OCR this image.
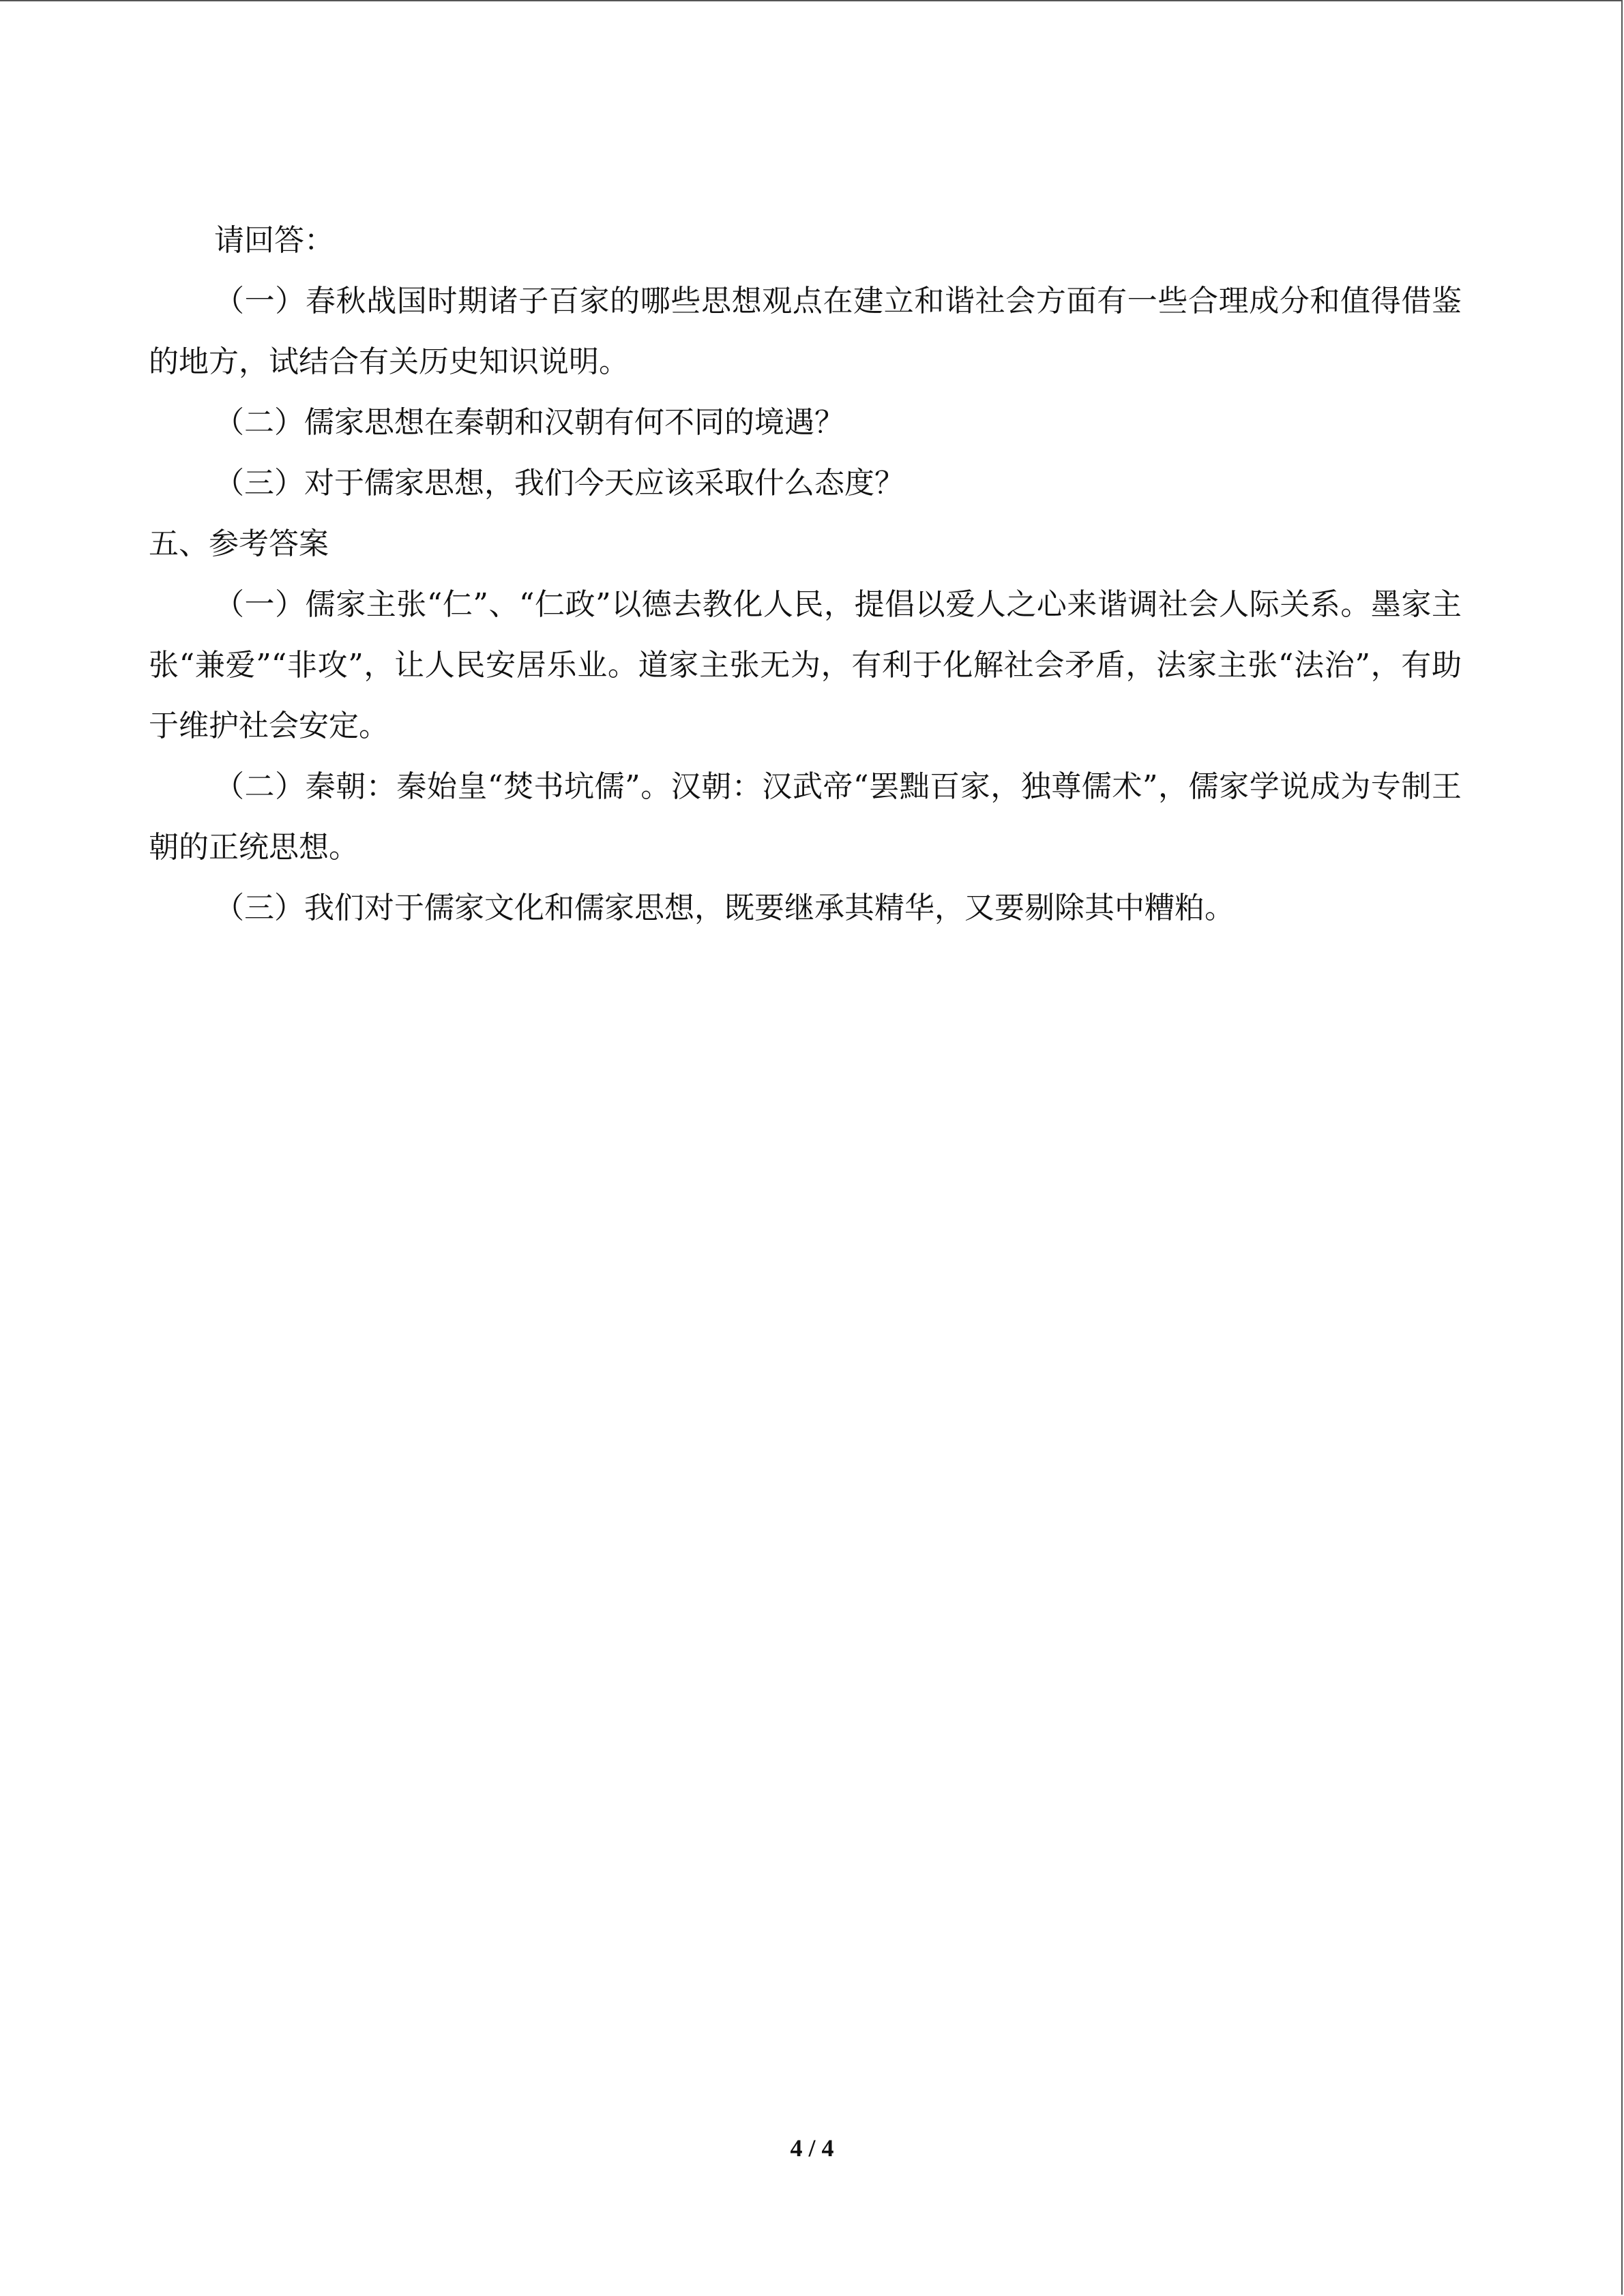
请回答：

（一）春秋战国时期诸子百家的哪些思想观点在建立和谐社会方面有一些合理成分和值得借鉴的地方，试结合有关历史知识说明。

（二）儒家思想在秦朝和汉朝有何不同的境遇？

（三）对于儒家思想，我们今天应该采取什么态度？

五、参考答案

（一）儒家主张“仁”、“仁政”以德去教化人民，提倡以爱人之心来谐调社会人际关系。墨家主张“兼爱”“非攻”，让人民安居乐业。道家主张无为，有利于化解社会矛盾，法家主张“法治”，有助于维护社会安定。

（二）秦朝：秦始皇“焚书坑儒”。汉朝：汉武帝“罢黜百家，独尊儒术”，儒家学说成为专制王朝的正统思想。

（三）我们对于儒家文化和儒家思想，既要继承其精华，又要剔除其中糟粕。

4 / 4
